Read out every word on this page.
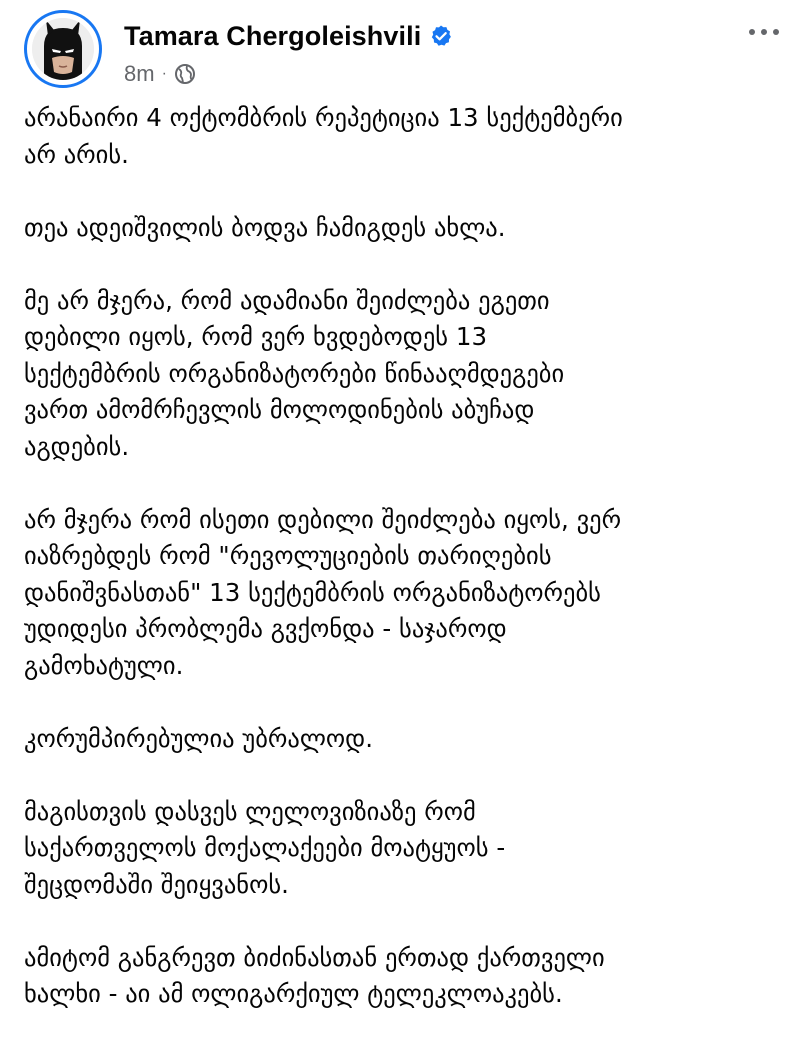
Tamara Chergoleishvili
8m ·

არანაირი 4 ოქტომბრის რეპეტიცია 13 სექტემბერი
არ არის.

თეა ადეიშვილის ბოდვა ჩამიგდეს ახლა.

მე არ მჯერა, რომ ადამიანი შეიძლება ეგეთი
დებილი იყოს, რომ ვერ ხვდებოდეს 13
სექტემბრის ორგანიზატორები წინააღმდეგები
ვართ ამომრჩევლის მოლოდინების აბუჩად
აგდების.

არ მჯერა რომ ისეთი დებილი შეიძლება იყოს, ვერ
იაზრებდეს რომ "რევოლუციების თარიღების
დანიშვნასთან" 13 სექტემბრის ორგანიზატორებს
უდიდესი პრობლემა გვქონდა - საჯაროდ
გამოხატული.

კორუმპირებულია უბრალოდ.

მაგისთვის დასვეს ლელოვიზიაზე რომ
საქართველოს მოქალაქეები მოატყუოს -
შეცდომაში შეიყვანოს.

ამიტომ განგრევთ ბიძინასთან ერთად ქართველი
ხალხი - აი ამ ოლიგარქიულ ტელეკლოაკებს.
